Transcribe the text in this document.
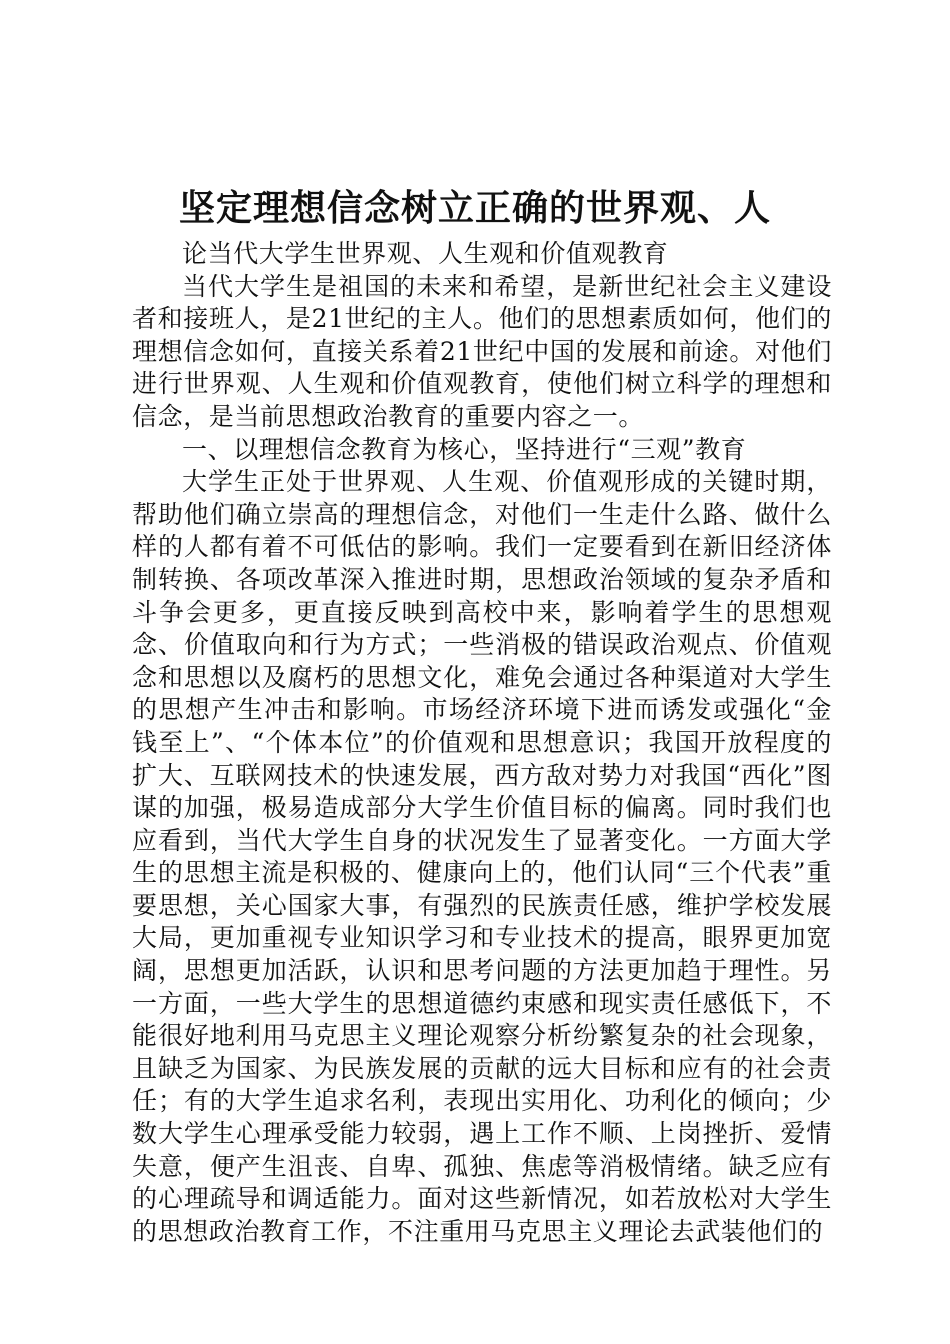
坚定理想信念树立正确的世界观、人

论当代大学生世界观、人生观和价值观教育

当代大学生是祖国的未来和希望，是新世纪社会主义建设者和接班人，是21世纪的主人。他们的思想素质如何，他们的理想信念如何，直接关系着21世纪中国的发展和前途。对他们进行世界观、人生观和价值观教育，使他们树立科学的理想和信念，是当前思想政治教育的重要内容之一。

一、以理想信念教育为核心，坚持进行“三观”教育

大学生正处于世界观、人生观、价值观形成的关键时期，帮助他们确立崇高的理想信念，对他们一生走什么路、做什么样的人都有着不可低估的影响。我们一定要看到在新旧经济体制转换、各项改革深入推进时期，思想政治领域的复杂矛盾和斗争会更多，更直接反映到高校中来，影响着学生的思想观念、价值取向和行为方式；一些消极的错误政治观点、价值观念和思想以及腐朽的思想文化，难免会通过各种渠道对大学生的思想产生冲击和影响。市场经济环境下进而诱发或强化“金钱至上”、“个体本位”的价值观和思想意识；我国开放程度的扩大、互联网技术的快速发展，西方敌对势力对我国“西化”图谋的加强，极易造成部分大学生价值目标的偏离。同时我们也应看到，当代大学生自身的状况发生了显著变化。一方面大学生的思想主流是积极的、健康向上的，他们认同“三个代表”重要思想，关心国家大事，有强烈的民族责任感，维护学校发展大局，更加重视专业知识学习和专业技术的提高，眼界更加宽阔，思想更加活跃，认识和思考问题的方法更加趋于理性。另一方面，一些大学生的思想道德约束感和现实责任感低下，不能很好地利用马克思主义理论观察分析纷繁复杂的社会现象，且缺乏为国家、为民族发展的贡献的远大目标和应有的社会责任；有的大学生追求名利，表现出实用化、功利化的倾向；少数大学生心理承受能力较弱，遇上工作不顺、上岗挫折、爱情失意，便产生沮丧、自卑、孤独、焦虑等消极情绪。缺乏应有的心理疏导和调适能力。面对这些新情况，如若放松对大学生的思想政治教育工作，不注重用马克思主义理论去武装他们的
